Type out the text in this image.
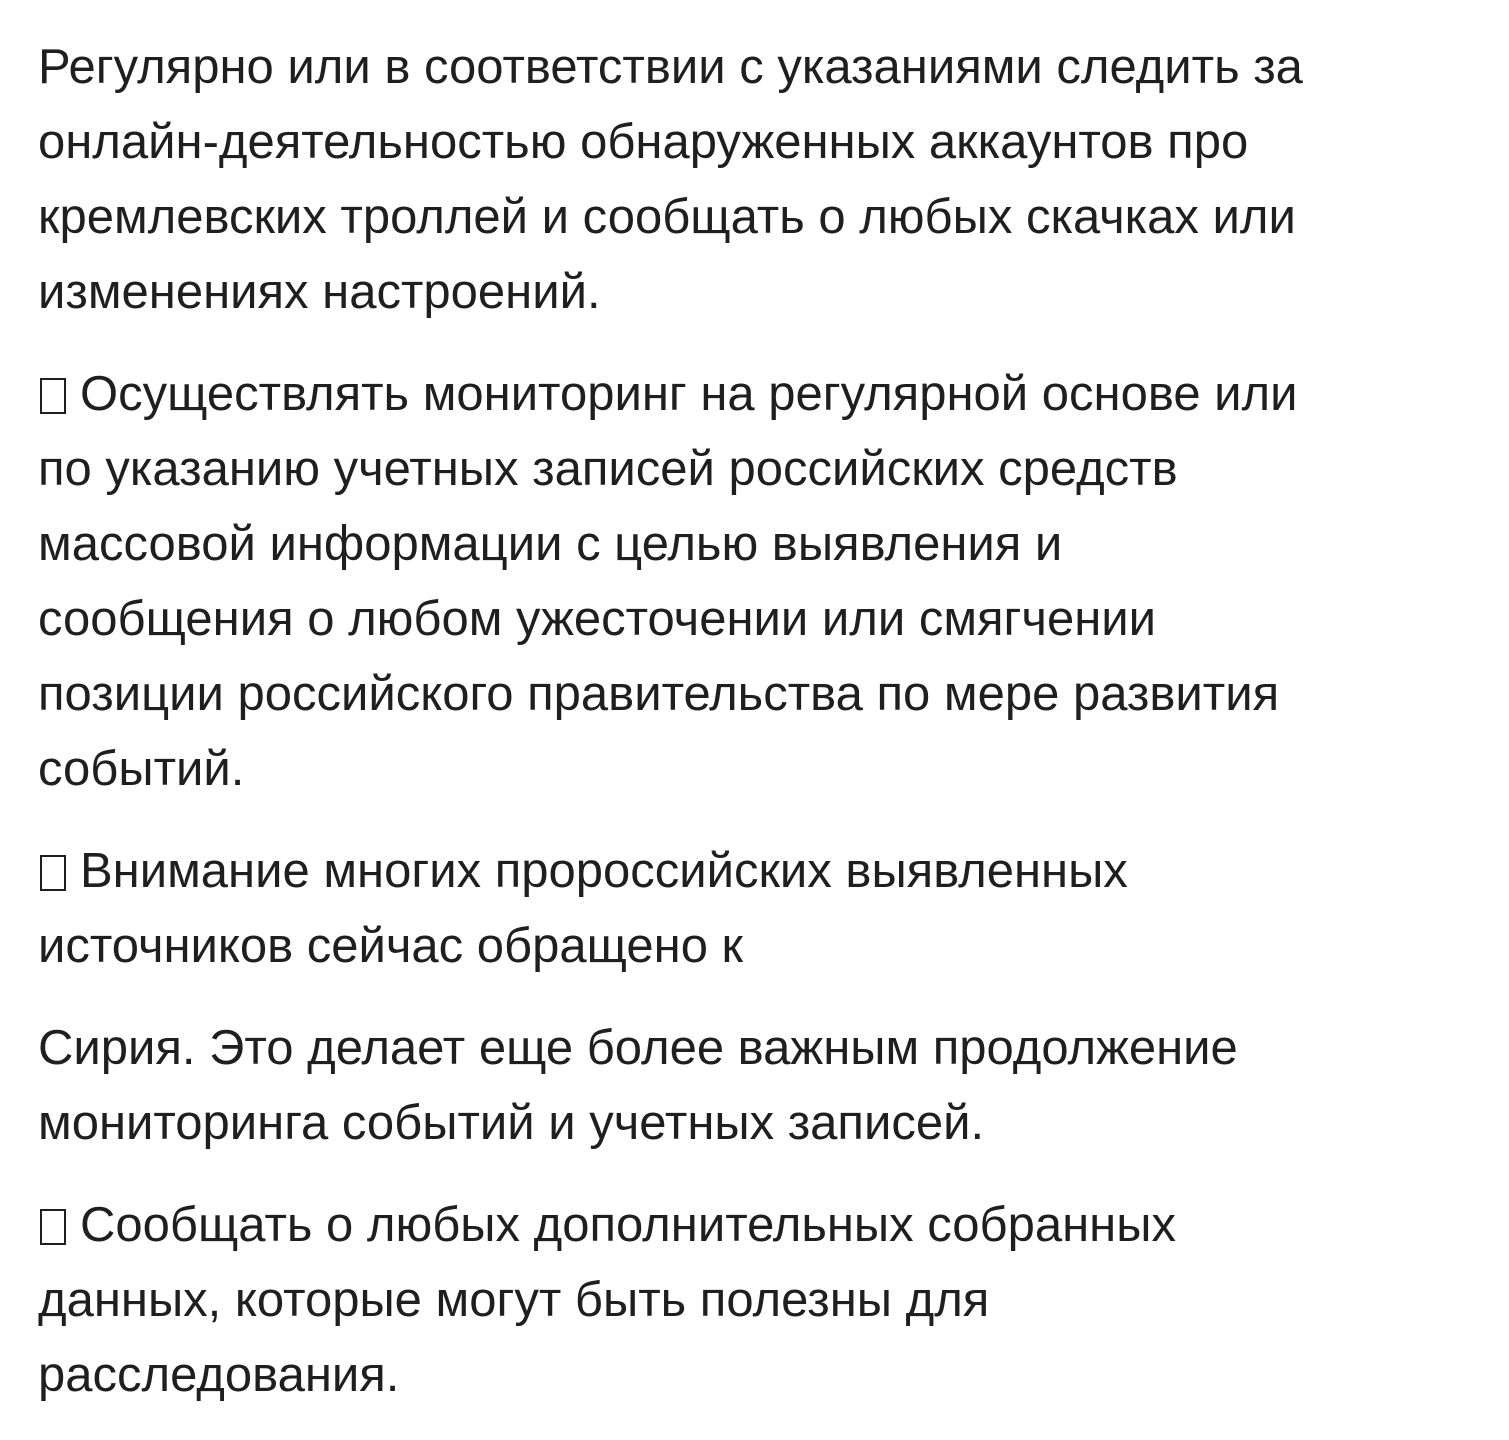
Регулярно или в соответствии с указаниями следить за
онлайн-деятельностью обнаруженных аккаунтов про
кремлевских троллей и сообщать о любых скачках или
изменениях настроений.

Осуществлять мониторинг на регулярной основе или
по указанию учетных записей российских средств
массовой информации с целью выявления и
сообщения о любом ужесточении или смягчении
позиции российского правительства по мере развития
событий.

Внимание многих пророссийских выявленных
источников сейчас обращено к

Сирия. Это делает еще более важным продолжение
мониторинга событий и учетных записей.

Сообщать о любых дополнительных собранных
данных, которые могут быть полезны для
расследования.
